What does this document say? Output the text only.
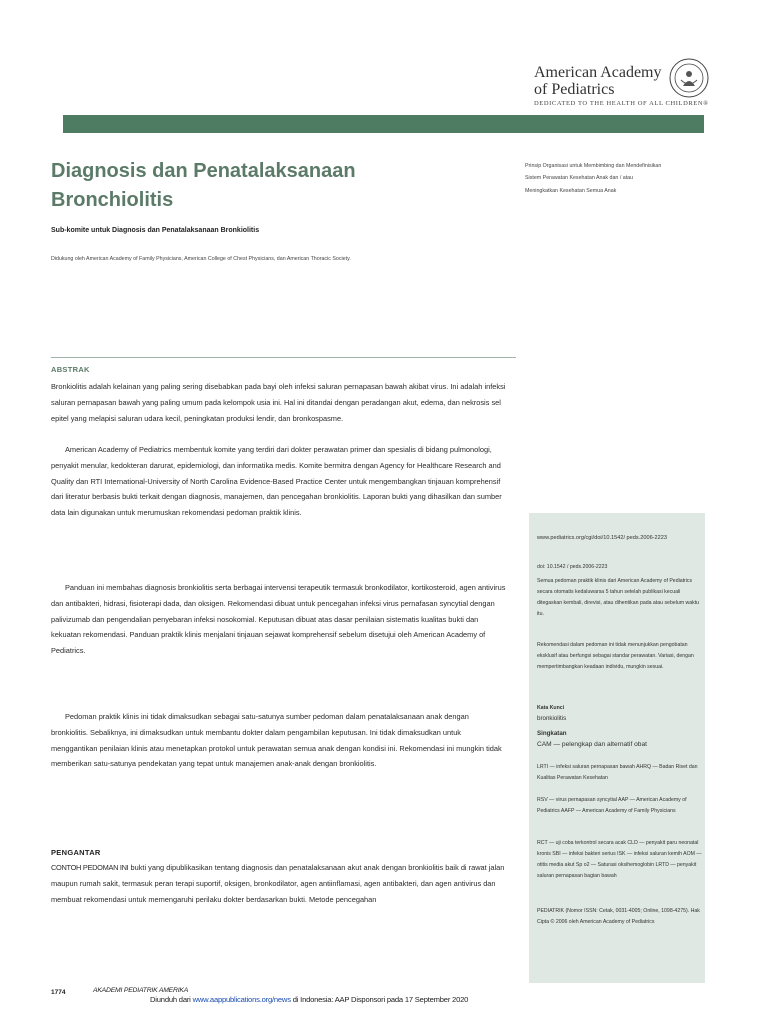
American Academy
of Pediatrics
DEDICATED TO THE HEALTH OF ALL CHILDREN®
Diagnosis dan Penatalaksanaan
Bronchiolitis
Sub-komite untuk Diagnosis dan Penatalaksanaan Bronkiolitis
Didukung oleh American Academy of Family Physicians, American College of Chest Physicians, dan American Thoracic Society.
Prinsip Organisasi untuk Membimbing dan Mendefinisikan
Sistem Perawatan Kesehatan Anak dan / atau
Meningkatkan Kesehatan Semua Anak
ABSTRAK
Bronkiolitis adalah kelainan yang paling sering disebabkan pada bayi oleh infeksi saluran pernapasan bawah akibat virus. Ini adalah infeksi saluran pernapasan bawah yang paling umum pada kelompok usia ini. Hal ini ditandai dengan peradangan akut, edema, dan nekrosis sel epitel yang melapisi saluran udara kecil, peningkatan produksi lendir, dan bronkospasme.
American Academy of Pediatrics membentuk komite yang terdiri dari dokter perawatan primer dan spesialis di bidang pulmonologi, penyakit menular, kedokteran darurat, epidemiologi, dan informatika medis. Komite bermitra dengan Agency for Healthcare Research and Quality dan RTI International-University of North Carolina Evidence-Based Practice Center untuk mengembangkan tinjauan komprehensif dari literatur berbasis bukti terkait dengan diagnosis, manajemen, dan pencegahan bronkiolitis. Laporan bukti yang dihasilkan dan sumber data lain digunakan untuk merumuskan rekomendasi pedoman praktik klinis.
Panduan ini membahas diagnosis bronkiolitis serta berbagai intervensi terapeutik termasuk bronkodilator, kortikosteroid, agen antivirus dan antibakteri, hidrasi, fisioterapi dada, dan oksigen. Rekomendasi dibuat untuk pencegahan infeksi virus pernafasan syncytial dengan palivizumab dan pengendalian penyebaran infeksi nosokomial. Keputusan dibuat atas dasar penilaian sistematis kualitas bukti dan kekuatan rekomendasi. Panduan praktik klinis menjalani tinjauan sejawat komprehensif sebelum disetujui oleh American Academy of Pediatrics.
Pedoman praktik klinis ini tidak dimaksudkan sebagai satu-satunya sumber pedoman dalam penatalaksanaan anak dengan bronkiolitis. Sebaliknya, ini dimaksudkan untuk membantu dokter dalam pengambilan keputusan. Ini tidak dimaksudkan untuk menggantikan penilaian klinis atau menetapkan protokol untuk perawatan semua anak dengan kondisi ini. Rekomendasi ini mungkin tidak memberikan satu-satunya pendekatan yang tepat untuk manajemen anak-anak dengan bronkiolitis.
PENGANTAR
CONTOH PEDOMAN INI bukti yang dipublikasikan tentang diagnosis dan penatalaksanaan akut anak dengan bronkiolitis baik di rawat jalan maupun rumah sakit, termasuk peran terapi suportif, oksigen, bronkodilator, agen antiinflamasi, agen antibakteri, dan agen antivirus dan membuat rekomendasi untuk memengaruhi perilaku dokter berdasarkan bukti. Metode pencegahan
www.pediatrics.org/cgi/doi/10.1542/ peds.2006-2223
doi: 10.1542 / peds.2006-2223
Semua pedoman praktik klinis dari American Academy of Pediatrics secara otomatis kedaluwarsa 5 tahun setelah publikasi kecuali ditegaskan kembali, direvisi, atau dihentikan pada atau sebelum waktu itu.
Rekomendasi dalam pedoman ini tidak menunjukkan pengobatan eksklusif atau berfungsi sebagai standar perawatan. Variasi, dengan mempertimbangkan keadaan individu, mungkin sesuai.
Kata Kunci
bronkiolitis
Singkatan
CAM — pelengkap dan alternatif obat
LRTI — infeksi saluran pernapasan bawah AHRQ — Badan Riset dan Kualitas Perawatan Kesehatan
RSV — virus pernapasan syncytial AAP — American Academy of Pediatrics AAFP — American Academy of Family Physicians
RCT — uji coba terkontrol secara acak CLD — penyakit paru neonatal kronis SBI — infeksi bakteri serius ISK — infeksi saluran kemih AOM — otitis media akut Sp o2 — Saturasi oksihemoglobin LRTD — penyakit saluran pernapasan bagian bawah
PEDIATRIK (Nomor ISSN: Cetak, 0031-4005; Online, 1098-4275). Hak Cipta © 2006 oleh American Academy of Pediatrics
1774	AKADEMI PEDIATRIK AMERIKA
Diunduh dari www.aappublications.org/news di Indonesia: AAP Disponsori pada 17 September 2020
